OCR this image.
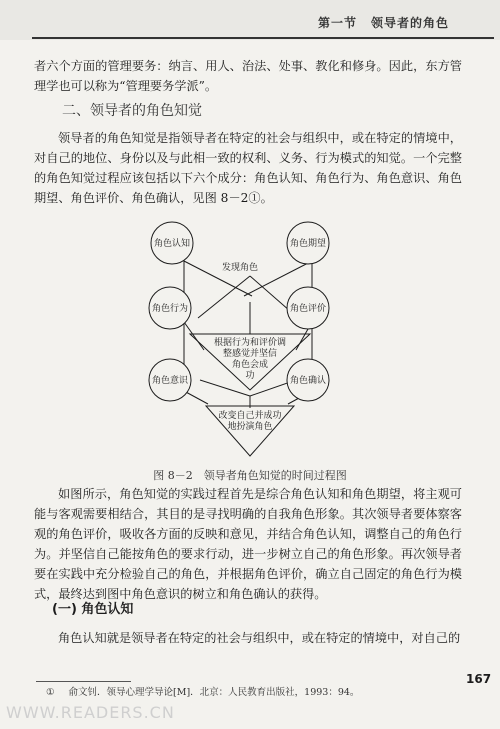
第一节 领导者的角色

者六个方面的管理要务：纳言、用人、治法、处事、教化和修身。因此，东方管理学也可以称为“管理要务学派”。

二、领导者的角色知觉

领导者的角色知觉是指领导者在特定的社会与组织中，或在特定的情境中，对自己的地位、身份以及与此相一致的权利、义务、行为模式的知觉。一个完整的角色知觉过程应该包括以下六个成分：角色认知、角色行为、角色意识、角色期望、角色评价、角色确认，见图 8－2①。

角色认知	角色期望
角色行为	角色评价
角色意识	角色确认
发现角色
根据行为和评价调
整感觉并坚信
角色会成
功
改变自己并成功
地扮演角色
图 8－2　领导者角色知觉的时间过程图

如图所示，角色知觉的实践过程首先是综合角色认知和角色期望，将主观可能与客观需要相结合，其目的是寻找明确的自我角色形象。其次领导者要体察客观的角色评价，吸收各方面的反映和意见，并结合角色认知，调整自己的角色行为。并坚信自己能按角色的要求行动，进一步树立自己的角色形象。再次领导者要在实践中充分检验自己的角色，并根据角色评价，确立自己固定的角色行为模式，最终达到图中角色意识的树立和角色确认的获得。

(一) 角色认知

角色认知就是领导者在特定的社会与组织中，或在特定的情境中，对自己的

① 俞文钊．领导心理学导论[M]．北京：人民教育出版社，1993：94。
167
WWW.READERS.CN
